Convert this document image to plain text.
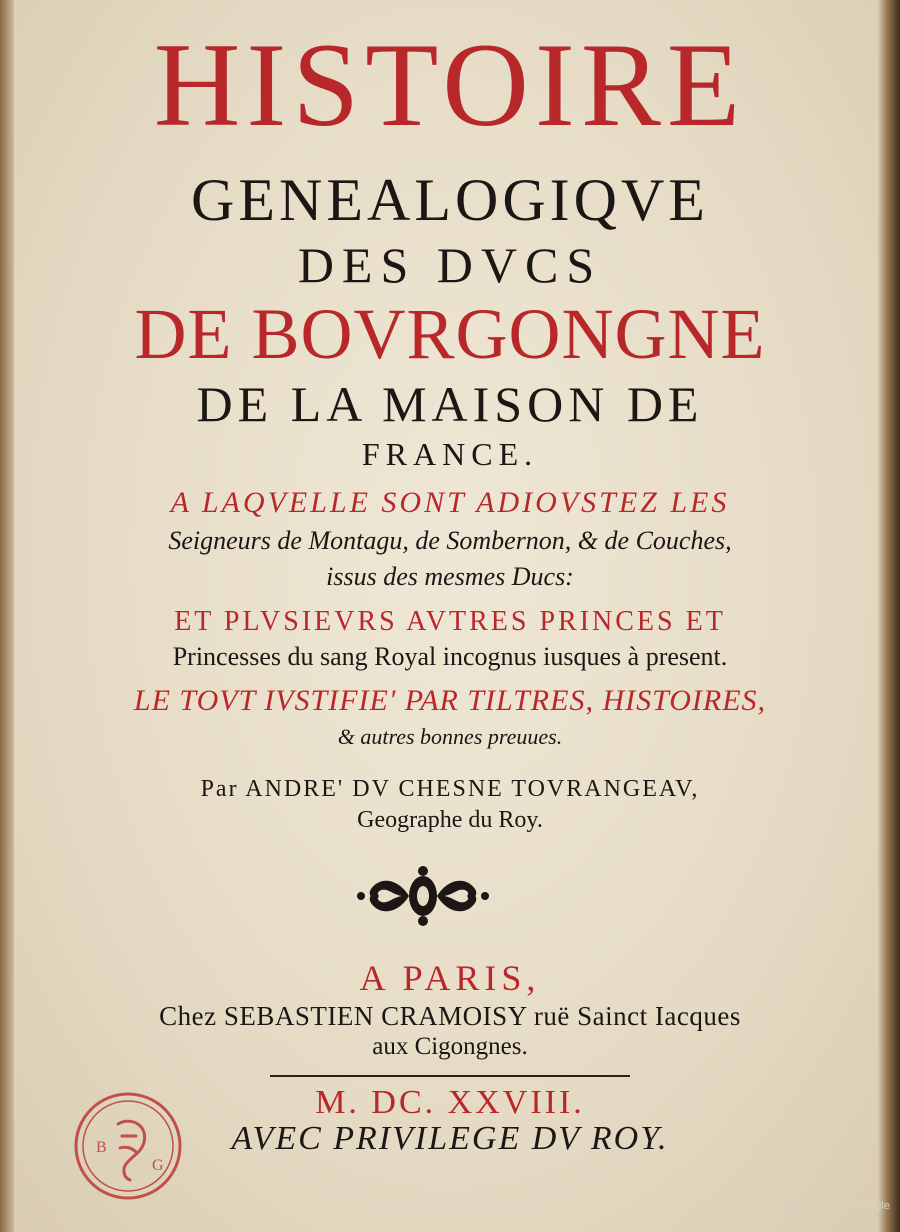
HISTOIRE

GENEALOGIQVE

DES DVCS

DE BOVRGONGNE

DE LA MAISON DE

FRANCE.

A LAQVELLE SONT ADIOVSTEZ LES

Seigneurs de Montagu, de Sombernon, & de Couches,

issus des mesmes Ducs:

ET PLVSIEVRS AVTRES PRINCES ET

Princesses du sang Royal incognus iusques à present.

LE TOVT IVSTIFIE' PAR TILTRES, HISTOIRES,

& autres bonnes preuues.

Par ANDRE' DV CHESNE TOVRANGEAV,

Geographe du Roy.

A PARIS,

Chez SEBASTIEN CRAMOISY ruë Sainct Iacques

aux Cigongnes.

M. DC. XXVIII.

AVEC PRIVILEGE DV ROY.

B
G
Numérisé par Google
